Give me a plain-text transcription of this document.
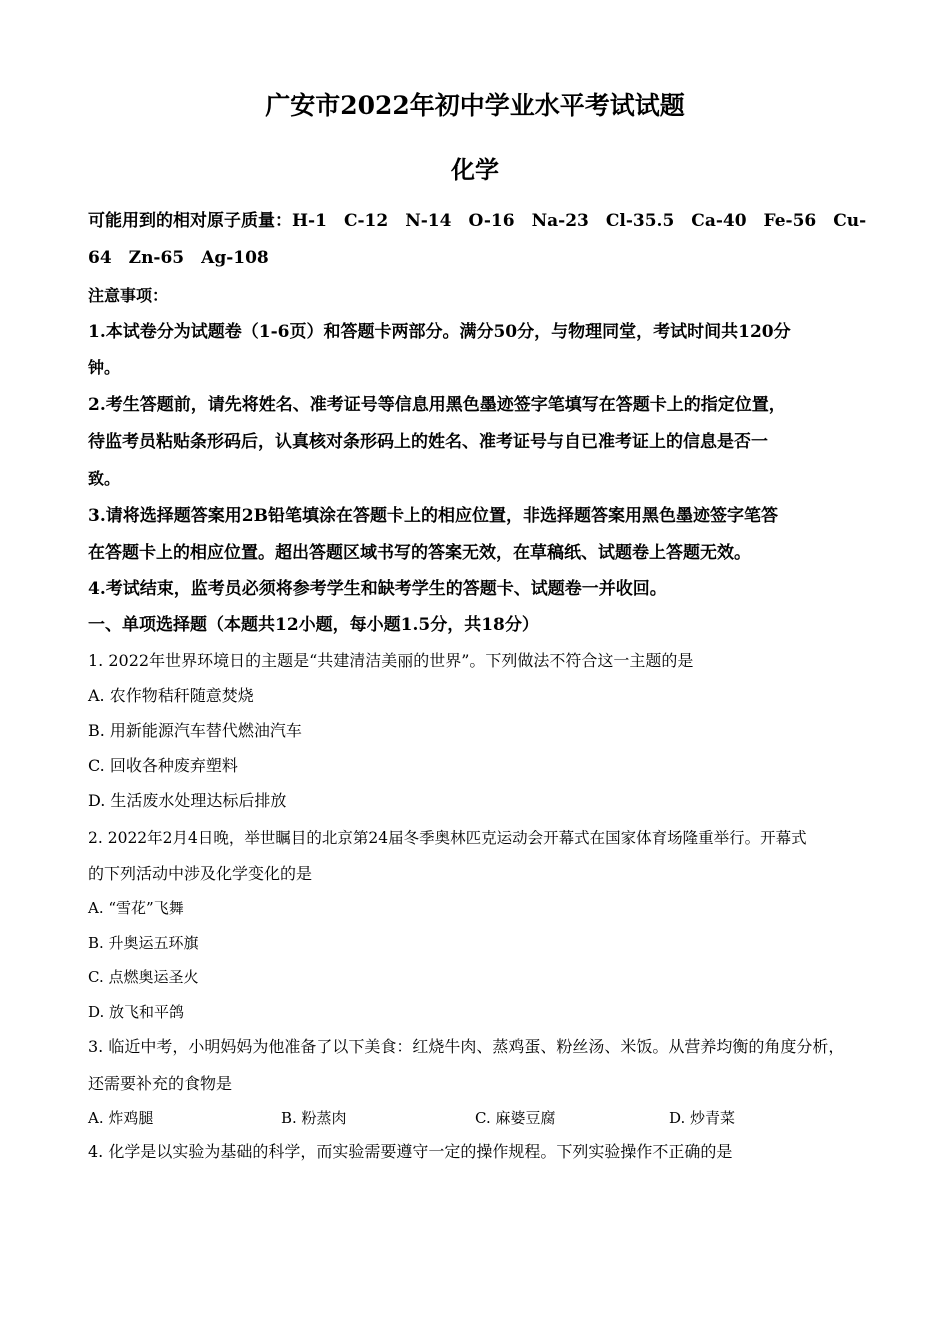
广安市2022年初中学业水平考试试题
化学
可能用到的相对原子质量：H-1　C-12　N-14　O-16　Na-23　Cl-35.5　Ca-40　Fe-56　Cu-
64　Zn-65　Ag-108
注意事项：
1.本试卷分为试题卷（1-6页）和答题卡两部分。满分50分，与物理同堂，考试时间共120分
钟。
2.考生答题前，请先将姓名、准考证号等信息用黑色墨迹签字笔填写在答题卡上的指定位置，
待监考员粘贴条形码后，认真核对条形码上的姓名、准考证号与自已准考证上的信息是否一
致。
3.请将选择题答案用2B铅笔填涂在答题卡上的相应位置，非选择题答案用黑色墨迹签字笔答
在答题卡上的相应位置。超出答题区域书写的答案无效，在草稿纸、试题卷上答题无效。
4.考试结束，监考员必须将参考学生和缺考学生的答题卡、试题卷一并收回。
一、单项选择题（本题共12小题，每小题1.5分，共18分）
1. 2022年世界环境日的主题是“共建清洁美丽的世界”。下列做法不符合这一主题的是
A. 农作物秸秆随意焚烧
B. 用新能源汽车替代燃油汽车
C. 回收各种废弃塑料
D. 生活废水处理达标后排放
2. 2022年2月4日晚，举世瞩目的北京第24届冬季奥林匹克运动会开幕式在国家体育场隆重举行。开幕式
的下列活动中涉及化学变化的是
A. “雪花”飞舞
B. 升奥运五环旗
C. 点燃奥运圣火
D. 放飞和平鸽
3. 临近中考，小明妈妈为他准备了以下美食：红烧牛肉、蒸鸡蛋、粉丝汤、米饭。从营养均衡的角度分析，
还需要补充的食物是
A. 炸鸡腿	B. 粉蒸肉	C. 麻婆豆腐	D. 炒青菜
4. 化学是以实验为基础的科学，而实验需要遵守一定的操作规程。下列实验操作不正确的是
